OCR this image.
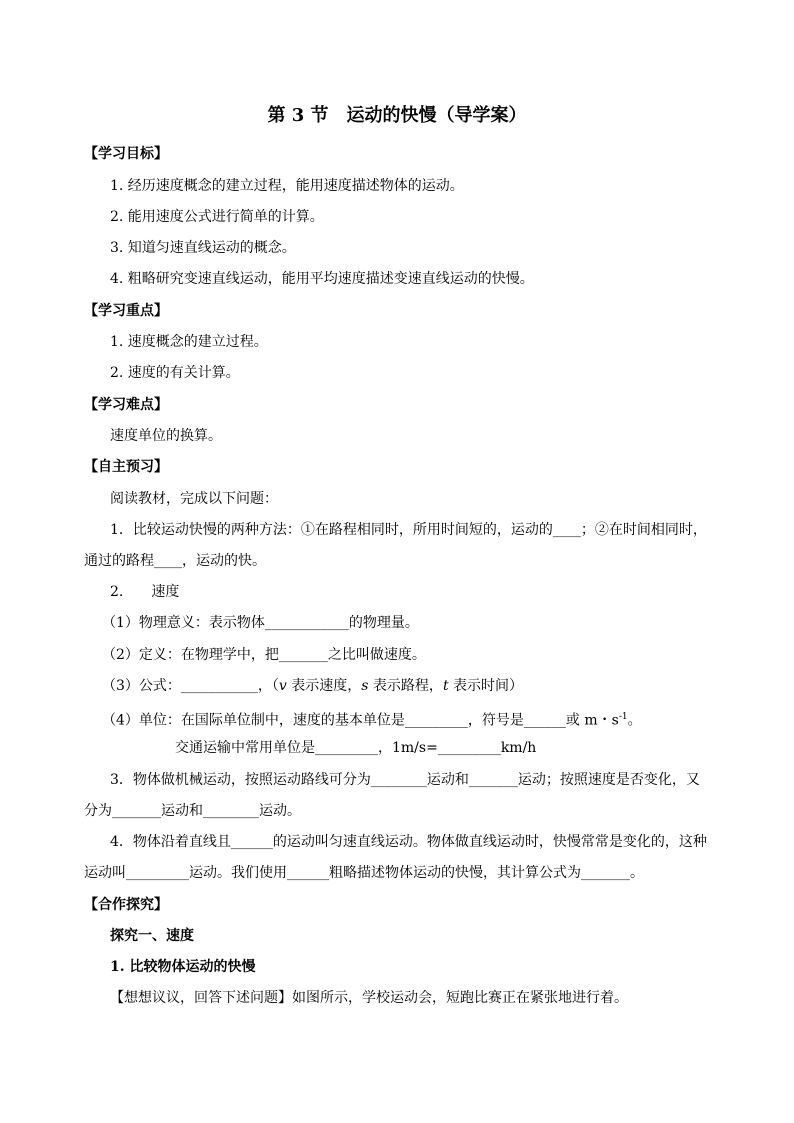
第 3 节　运动的快慢（导学案）
【学习目标】
1. 经历速度概念的建立过程，能用速度描述物体的运动。
2. 能用速度公式进行简单的计算。
3. 知道匀速直线运动的概念。
4. 粗略研究变速直线运动，能用平均速度描述变速直线运动的快慢。
【学习重点】
1. 速度概念的建立过程。
2. 速度的有关计算。
【学习难点】
速度单位的换算。
【自主预习】
阅读教材，完成以下问题：
1．比较运动快慢的两种方法：①在路程相同时，所用时间短的，运动的____；②在时间相同时，
通过的路程____，运动的快。
2. 速度
（1）物理意义：表示物体____________的物理量。
（2）定义：在物理学中，把_______之比叫做速度。
（3）公式：___________，（v 表示速度，s 表示路程，t 表示时间）
（4）单位：在国际单位制中，速度的基本单位是_________，符号是______或 m・$s^{-1}$。
交通运输中常用单位是_________，1m/s=_________km/h
3．物体做机械运动，按照运动路线可分为________运动和_______运动；按照速度是否变化，又
分为_______运动和________运动。
4．物体沿着直线且______的运动叫匀速直线运动。物体做直线运动时，快慢常常是变化的，这种
运动叫_________运动。我们使用______粗略描述物体运动的快慢，其计算公式为_______。
【合作探究】
探究一、速度
1. 比较物体运动的快慢
【想想议议，回答下述问题】如图所示，学校运动会，短跑比赛正在紧张地进行着。
